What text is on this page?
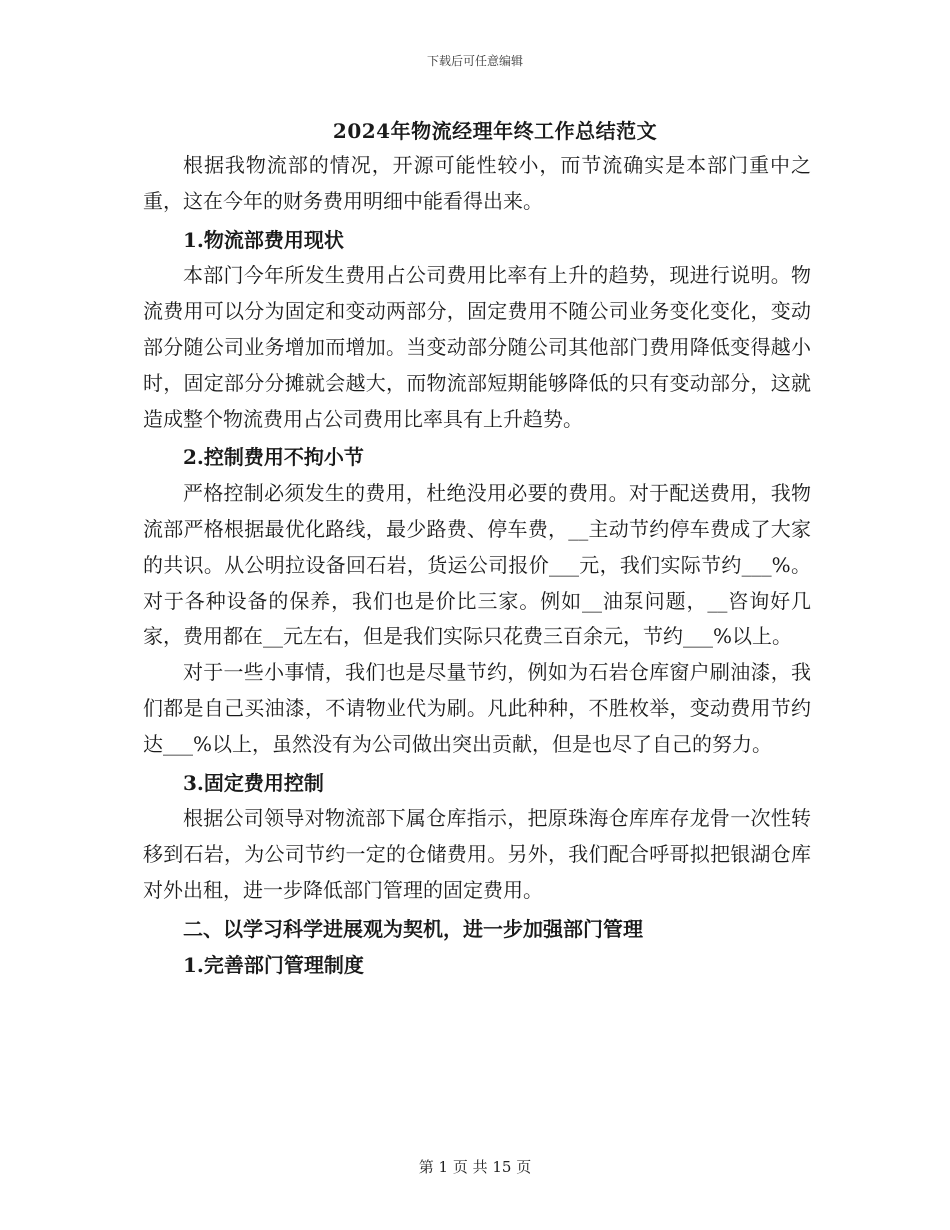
下载后可任意编辑
2024年物流经理年终工作总结范文

根据我物流部的情况，开源可能性较小，而节流确实是本部门重中之重，这在今年的财务费用明细中能看得出来。

1.物流部费用现状

本部门今年所发生费用占公司费用比率有上升的趋势，现进行说明。物流费用可以分为固定和变动两部分，固定费用不随公司业务变化变化，变动部分随公司业务增加而增加。当变动部分随公司其他部门费用降低变得越小时，固定部分分摊就会越大，而物流部短期能够降低的只有变动部分，这就造成整个物流费用占公司费用比率具有上升趋势。

2.控制费用不拘小节

严格控制必须发生的费用，杜绝没用必要的费用。对于配送费用，我物流部严格根据最优化路线，最少路费、停车费，__主动节约停车费成了大家的共识。从公明拉设备回石岩，货运公司报价___元，我们实际节约___%。对于各种设备的保养，我们也是价比三家。例如__油泵问题，__咨询好几家，费用都在__元左右，但是我们实际只花费三百余元，节约___%以上。

对于一些小事情，我们也是尽量节约，例如为石岩仓库窗户刷油漆，我们都是自己买油漆，不请物业代为刷。凡此种种，不胜枚举，变动费用节约达___%以上，虽然没有为公司做出突出贡献，但是也尽了自己的努力。

3.固定费用控制

根据公司领导对物流部下属仓库指示，把原珠海仓库库存龙骨一次性转移到石岩，为公司节约一定的仓储费用。另外，我们配合呼哥拟把银湖仓库对外出租，进一步降低部门管理的固定费用。

二、以学习科学进展观为契机，进一步加强部门管理

1.完善部门管理制度

第 1 页 共 15 页
